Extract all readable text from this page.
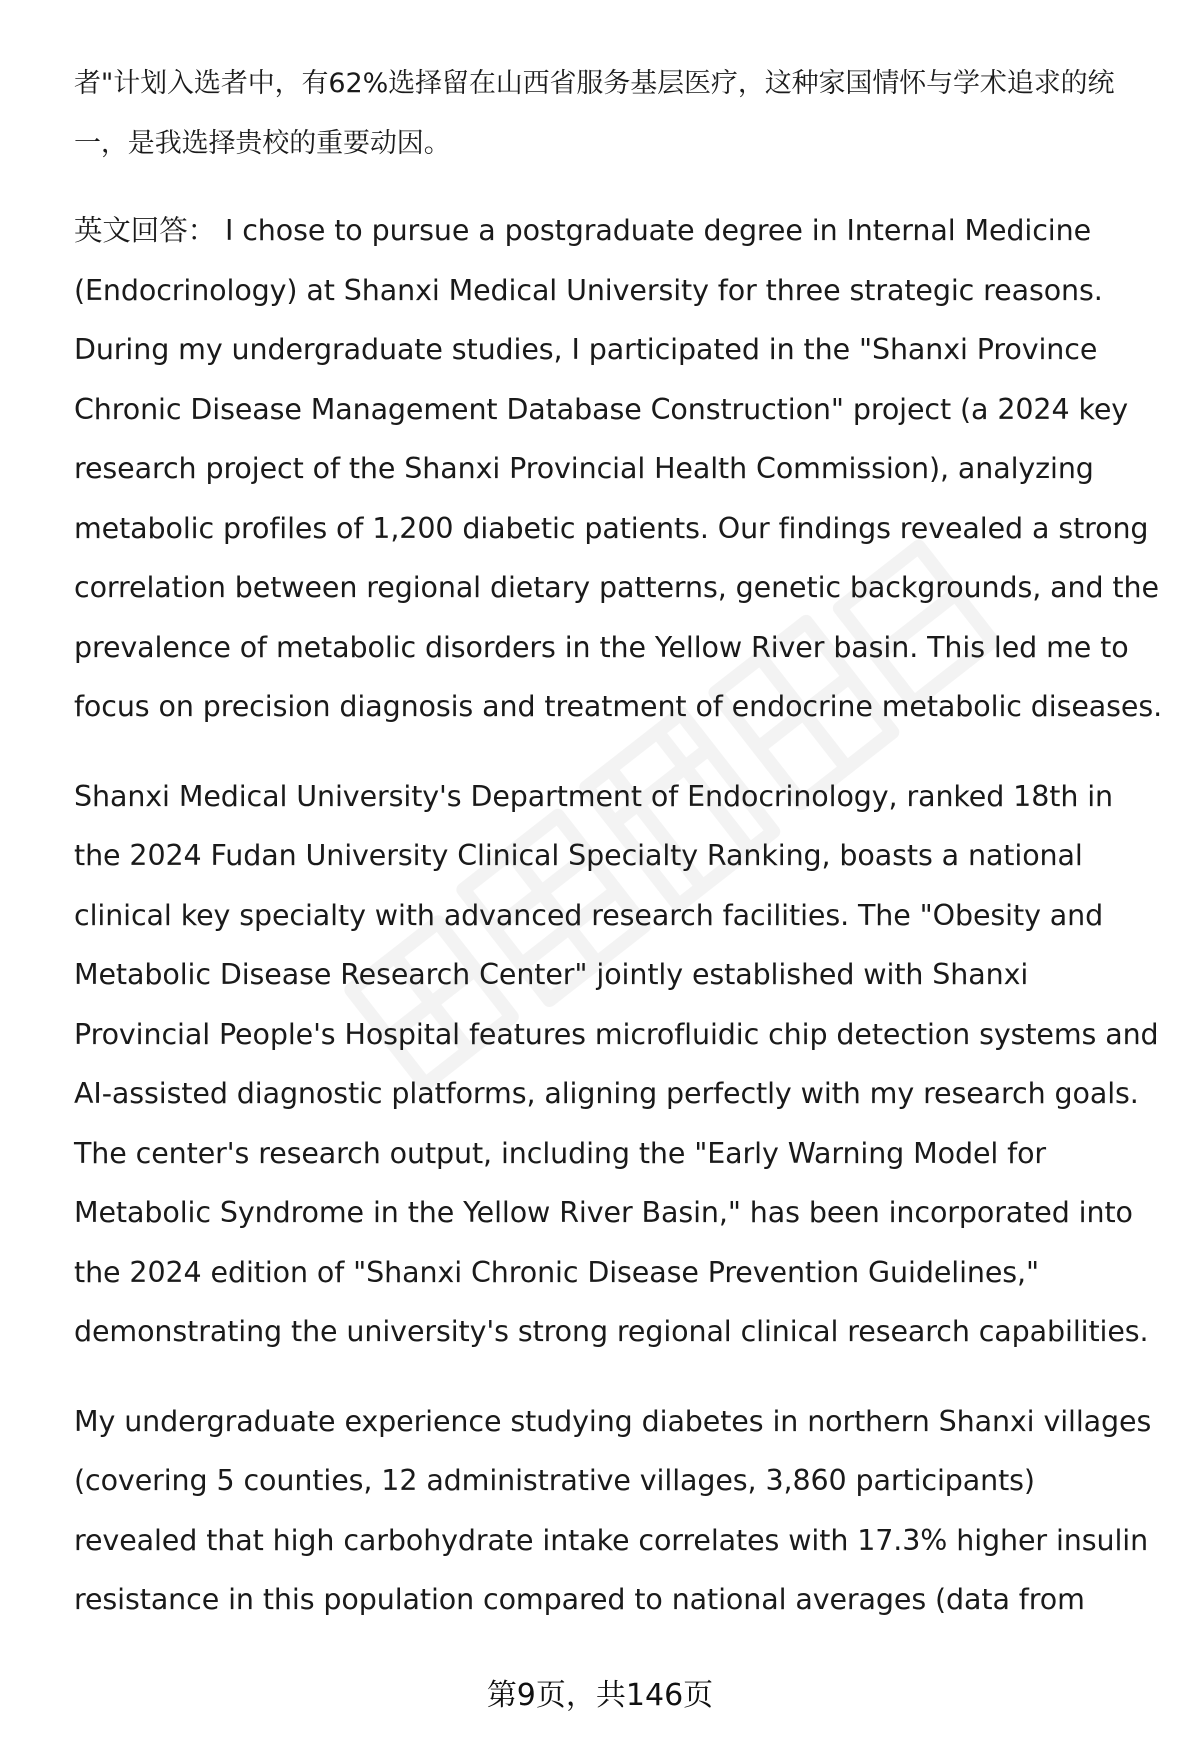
者"计划入选者中，有62%选择留在山西省服务基层医疗，这种家国情怀与学术追求的统一，是我选择贵校的重要动因。

英文回答： I chose to pursue a postgraduate degree in Internal Medicine (Endocrinology) at Shanxi Medical University for three strategic reasons. During my undergraduate studies, I participated in the "Shanxi Province Chronic Disease Management Database Construction" project (a 2024 key research project of the Shanxi Provincial Health Commission), analyzing metabolic profiles of 1,200 diabetic patients. Our findings revealed a strong correlation between regional dietary patterns, genetic backgrounds, and the prevalence of metabolic disorders in the Yellow River basin. This led me to focus on precision diagnosis and treatment of endocrine metabolic diseases.

Shanxi Medical University's Department of Endocrinology, ranked 18th in the 2024 Fudan University Clinical Specialty Ranking, boasts a national clinical key specialty with advanced research facilities. The "Obesity and Metabolic Disease Research Center" jointly established with Shanxi Provincial People's Hospital features microfluidic chip detection systems and AI-assisted diagnostic platforms, aligning perfectly with my research goals. The center's research output, including the "Early Warning Model for Metabolic Syndrome in the Yellow River Basin," has been incorporated into the 2024 edition of "Shanxi Chronic Disease Prevention Guidelines," demonstrating the university's strong regional clinical research capabilities.

My undergraduate experience studying diabetes in northern Shanxi villages (covering 5 counties, 12 administrative villages, 3,860 participants) revealed that high carbohydrate intake correlates with 17.3% higher insulin resistance in this population compared to national averages (data from

第9页，共146页
